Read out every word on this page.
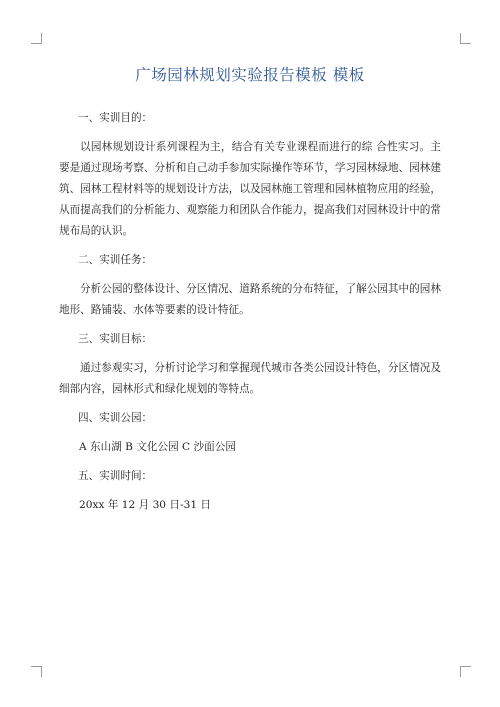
广场园林规划实验报告模板 模板
一、实训目的：
以园林规划设计系列课程为主，结合有关专业课程而进行的综 合性实习。主要是通过现场考察、分析和自己动手参加实际操作等环节，学习园林绿地、园林建筑、园林工程材料等的规划设计方法，以及园林施工管理和园林植物应用的经验，从而提高我们的分析能力、观察能力和团队合作能力，提高我们对园林设计中的常规布局的认识。
二、实训任务：
分析公园的整体设计、分区情况、道路系统的分布特征，了解公园其中的园林地形、路铺装、水体等要素的设计特征。
三、实训目标：
通过参观实习，分析讨论学习和掌握现代城市各类公园设计特色，分区情况及细部内容，园林形式和绿化规划的等特点。
四、实训公园：
A 东山湖 B 文化公园 C 沙面公园
五、实训时间：
20xx 年 12 月 30 日-31 日
